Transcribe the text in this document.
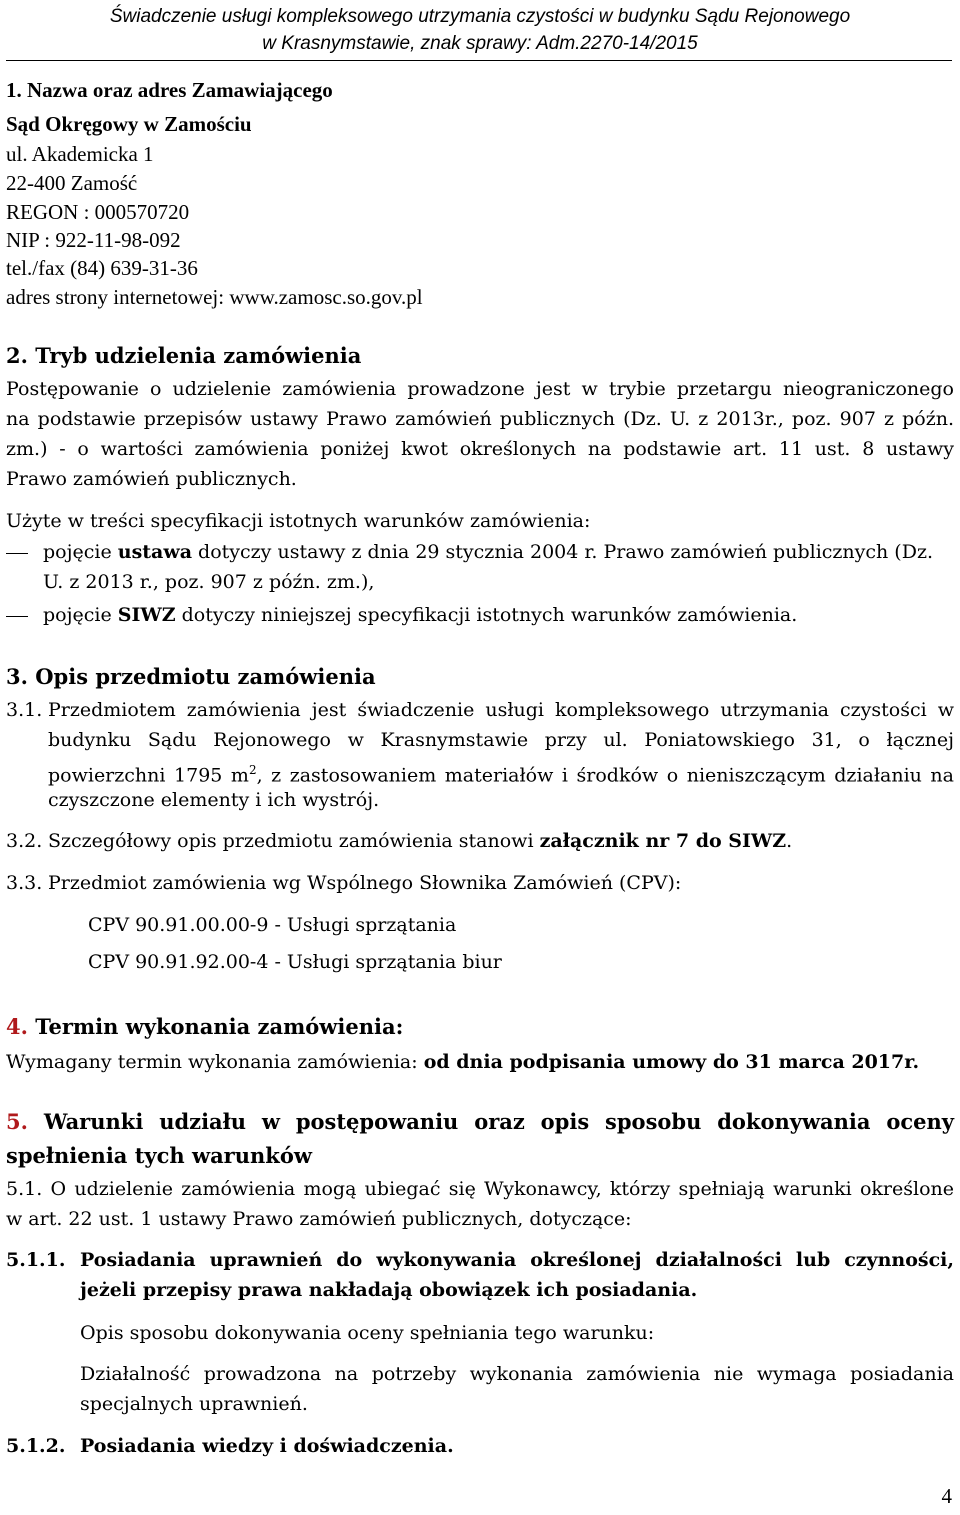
Świadczenie usługi kompleksowego utrzymania czystości w budynku Sądu Rejonowego
w Krasnymstawie, znak sprawy: Adm.2270-14/2015
1. Nazwa oraz adres Zamawiającego
Sąd Okręgowy w Zamościu
ul. Akademicka 1
22-400 Zamość
REGON : 000570720
NIP : 922-11-98-092
tel./fax (84) 639-31-36
adres strony internetowej: www.zamosc.so.gov.pl
2. Tryb udzielenia zamówienia
Postępowanie o udzielenie zamówienia prowadzone jest w trybie przetargu nieograniczonego
na podstawie przepisów ustawy Prawo zamówień publicznych (Dz. U. z 2013r., poz. 907 z późn.
zm.) - o wartości zamówienia poniżej kwot określonych na podstawie art. 11 ust. 8 ustawy
Prawo zamówień publicznych.
Użyte w treści specyfikacji istotnych warunków zamówienia:
pojęcie ustawa dotyczy ustawy z dnia 29 stycznia 2004 r. Prawo zamówień publicznych (Dz.
U. z 2013 r., poz. 907 z późn. zm.),
pojęcie SIWZ dotyczy niniejszej specyfikacji istotnych warunków zamówienia.
3. Opis przedmiotu zamówienia
3.1. Przedmiotem zamówienia jest świadczenie usługi kompleksowego utrzymania czystości w
budynku Sądu Rejonowego w Krasnymstawie przy ul. Poniatowskiego 31, o łącznej
powierzchni 1795 $m^2$, z zastosowaniem materiałów i środków o nieniszczącym działaniu na
czyszczone elementy i ich wystrój.
3.2. Szczegółowy opis przedmiotu zamówienia stanowi załącznik nr 7 do SIWZ.
3.3. Przedmiot zamówienia wg Wspólnego Słownika Zamówień (CPV):
CPV 90.91.00.00-9 - Usługi sprzątania
CPV 90.91.92.00-4 - Usługi sprzątania biur
4. Termin wykonania zamówienia:
Wymagany termin wykonania zamówienia: od dnia podpisania umowy do 31 marca 2017r.
5. Warunki udziału w postępowaniu oraz opis sposobu dokonywania oceny
spełnienia tych warunków
5.1. O udzielenie zamówienia mogą ubiegać się Wykonawcy, którzy spełniają warunki określone
w art. 22 ust. 1 ustawy Prawo zamówień publicznych, dotyczące:
5.1.1. Posiadania uprawnień do wykonywania określonej działalności lub czynności,
jeżeli przepisy prawa nakładają obowiązek ich posiadania.
Opis sposobu dokonywania oceny spełniania tego warunku:
Działalność prowadzona na potrzeby wykonania zamówienia nie wymaga posiadania
specjalnych uprawnień.
5.1.2. Posiadania wiedzy i doświadczenia.
4
